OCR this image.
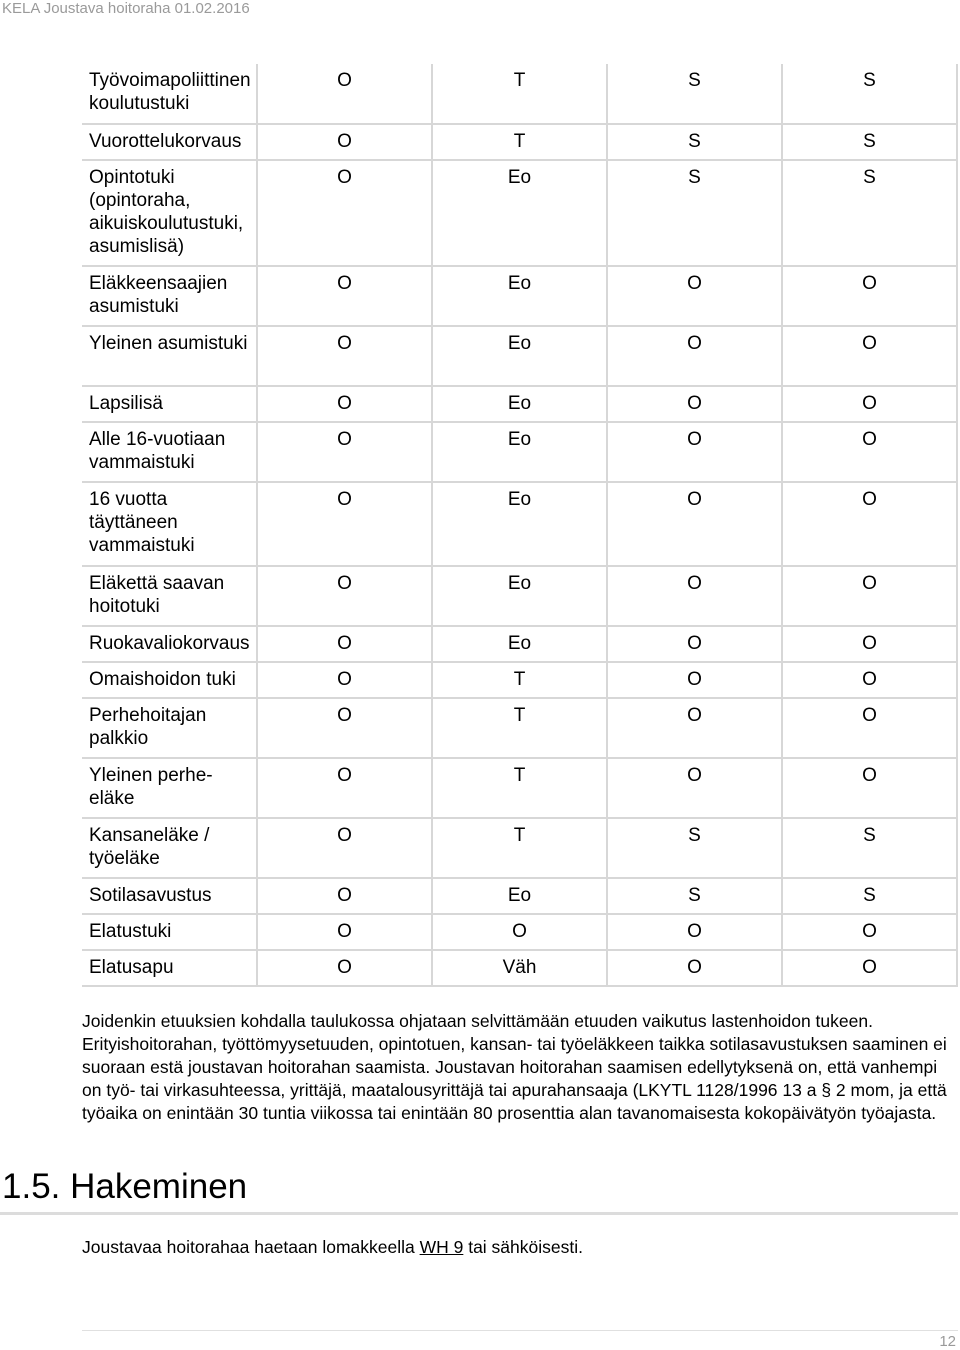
KELA Joustava hoitoraha 01.02.2016
Työvoimapoliittinen koulutustuki	O	T	S	S
Vuorottelukorvaus	O	T	S	S
Opintotuki (opintoraha, aikuiskoulutustuki, asumislisä)	O	Eo	S	S
Eläkkeensaajien asumistuki	O	Eo	O	O
Yleinen asumistuki	O	Eo	O	O
Lapsilisä	O	Eo	O	O
Alle 16-vuotiaan vammaistuki	O	Eo	O	O
16 vuotta täyttäneen vammaistuki	O	Eo	O	O
Eläkettä saavan hoitotuki	O	Eo	O	O
Ruokavaliokorvaus	O	Eo	O	O
Omaishoidon tuki	O	T	O	O
Perhehoitajan palkkio	O	T	O	O
Yleinen perhe-eläke	O	T	O	O
Kansaneläke / työeläke	O	T	S	S
Sotilasavustus	O	Eo	S	S
Elatustuki	O	O	O	O
Elatusapu	O	Väh	O	O

Joidenkin etuuksien kohdalla taulukossa ohjataan selvittämään etuuden vaikutus lastenhoidon tukeen. Erityishoitorahan, työttömyysetuuden, opintotuen, kansan- tai työeläkkeen taikka sotilasavustuksen saaminen ei suoraan estä joustavan hoitorahan saamista. Joustavan hoitorahan saamisen edellytyksenä on, että vanhempi on työ- tai virkasuhteessa, yrittäjä, maatalousyrittäjä tai apurahansaaja (LKYTL 1128/1996 13 a § 2 mom, ja että työaika on enintään 30 tuntia viikossa tai enintään 80 prosenttia alan tavanomaisesta kokopäivätyön työajasta.

1.5. Hakeminen

Joustavaa hoitorahaa haetaan lomakkeella WH 9 tai sähköisesti.

12
